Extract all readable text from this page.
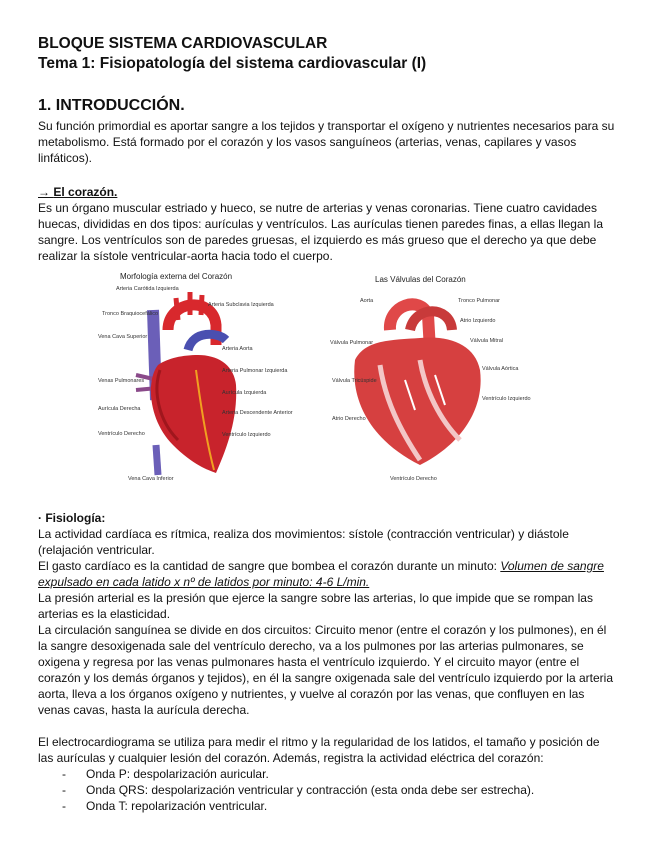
BLOQUE SISTEMA CARDIOVASCULAR
Tema 1: Fisiopatología del sistema cardiovascular (I)
1. INTRODUCCIÓN.

Su función primordial es aportar sangre a los tejidos y transportar el oxígeno y nutrientes necesarios para su metabolismo. Está formado por el corazón y los vasos sanguíneos (arterias, venas, capilares y vasos linfáticos).

→ El corazón.

Es un órgano muscular estriado y hueco, se nutre de arterias y venas coronarias. Tiene cuatro cavidades huecas, divididas en dos tipos: aurículas y ventrículos. Las aurículas tienen paredes finas, a ellas llegan la sangre. Los ventrículos son de paredes gruesas, el izquierdo es más grueso que el derecho ya que debe realizar la sístole ventricular-aorta hacia todo el cuerpo.

Morfología externa del Corazón
Arteria Carótida Izquierda
Tronco Braquiocefálico
Vena Cava Superior
Venas Pulmonares
Aurícula Derecha
Ventrículo Derecho
Vena Cava Inferior
Arteria Subclavia Izquierda
Arteria Aorta
Arteria Pulmonar Izquierda
Aurícula Izquierda
Arteria Descendente Anterior
Ventrículo Izquierdo
Las Válvulas del Corazón
Aorta	Tronco Pulmonar
Atrio Izquierdo
Válvula Pulmonar	Válvula Mitral
Válvula Aórtica
Válvula Tricúspide
Atrio Derecho
Ventrículo Izquierdo
Ventrículo Derecho
· Fisiología:

La actividad cardíaca es rítmica, realiza dos movimientos: sístole (contracción ventricular) y diástole (relajación ventricular.

El gasto cardíaco es la cantidad de sangre que bombea el corazón durante un minuto: Volumen de sangre expulsado en cada latido x nº de latidos por minuto: 4-6 L/min.

La presión arterial es la presión que ejerce la sangre sobre las arterias, lo que impide que se rompan las arterias es la elasticidad.

La circulación sanguínea se divide en dos circuitos: Circuito menor (entre el corazón y los pulmones), en él la sangre desoxigenada sale del ventrículo derecho, va a los pulmones por las arterias pulmonares, se oxigena y regresa por las venas pulmonares hasta el ventrículo izquierdo. Y el circuito mayor (entre el corazón y los demás órganos y tejidos), en él la sangre oxigenada sale del ventrículo izquierdo por la arteria aorta, lleva a los órganos oxígeno y nutrientes, y vuelve al corazón por las venas, que confluyen en las venas cavas, hasta la aurícula derecha.

El electrocardiograma se utiliza para medir el ritmo y la regularidad de los latidos, el tamaño y posición de las aurículas y cualquier lesión del corazón. Además, registra la actividad eléctrica del corazón:

- Onda P: despolarización auricular.
- Onda QRS: despolarización ventricular y contracción (esta onda debe ser estrecha).
- Onda T: repolarización ventricular.
